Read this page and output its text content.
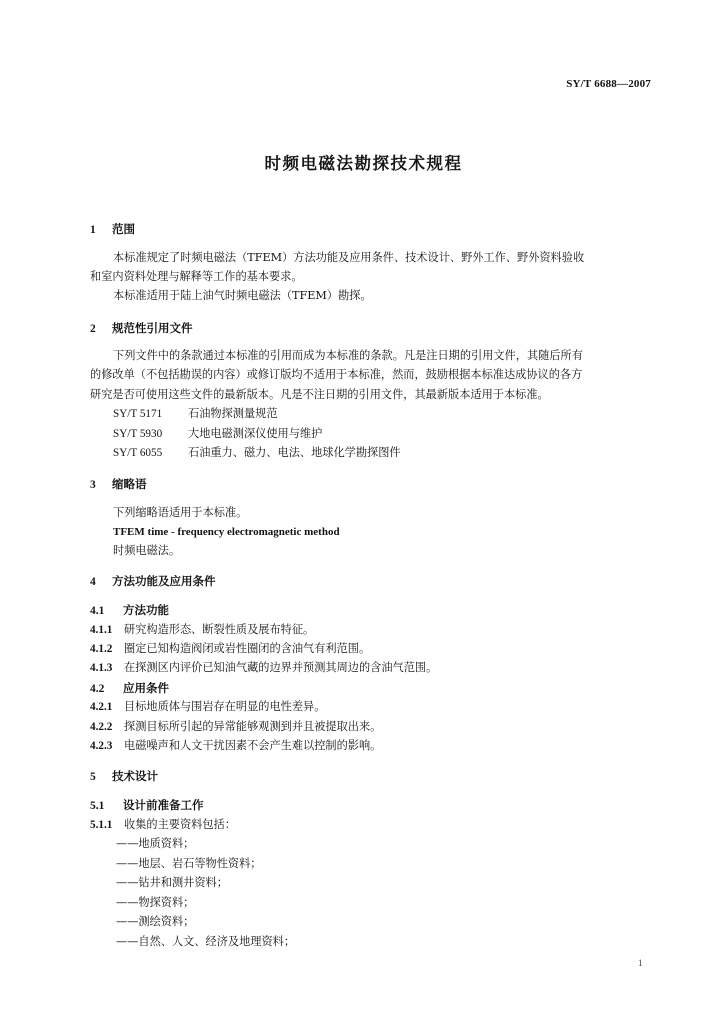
SY/T 6688—2007
时频电磁法勘探技术规程
1 范围
本标准规定了时频电磁法（TFEM）方法功能及应用条件、技术设计、野外工作、野外资料验收
和室内资料处理与解释等工作的基本要求。
本标准适用于陆上油气时频电磁法（TFEM）勘探。
2 规范性引用文件
下列文件中的条款通过本标准的引用而成为本标准的条款。凡是注日期的引用文件，其随后所有
的修改单（不包括勘误的内容）或修订版均不适用于本标准，然而，鼓励根据本标准达成协议的各方
研究是否可使用这些文件的最新版本。凡是不注日期的引用文件，其最新版本适用于本标准。
SY/T 5171 石油物探测量规范
SY/T 5930 大地电磁测深仪使用与维护
SY/T 6055 石油重力、磁力、电法、地球化学勘探图件
3 缩略语
下列缩略语适用于本标准。
TFEM time - frequency electromagnetic method
时频电磁法。
4 方法功能及应用条件
4.1 方法功能
4.1.1 研究构造形态、断裂性质及展布特征。
4.1.2 圈定已知构造阀闭或岩性圈闭的含油气有利范围。
4.1.3 在探测区内评价已知油气藏的边界并预测其周边的含油气范围。
4.2 应用条件
4.2.1 目标地质体与围岩存在明显的电性差异。
4.2.2 探测目标所引起的异常能够观测到并且被提取出来。
4.2.3 电磁噪声和人文干扰因素不会产生难以控制的影响。
5 技术设计
5.1 设计前准备工作
5.1.1 收集的主要资料包括：
——地质资料；
——地层、岩石等物性资料；
——钻井和测井资料；
——物探资料；
——测绘资料；
——自然、人文、经济及地理资料；
1
